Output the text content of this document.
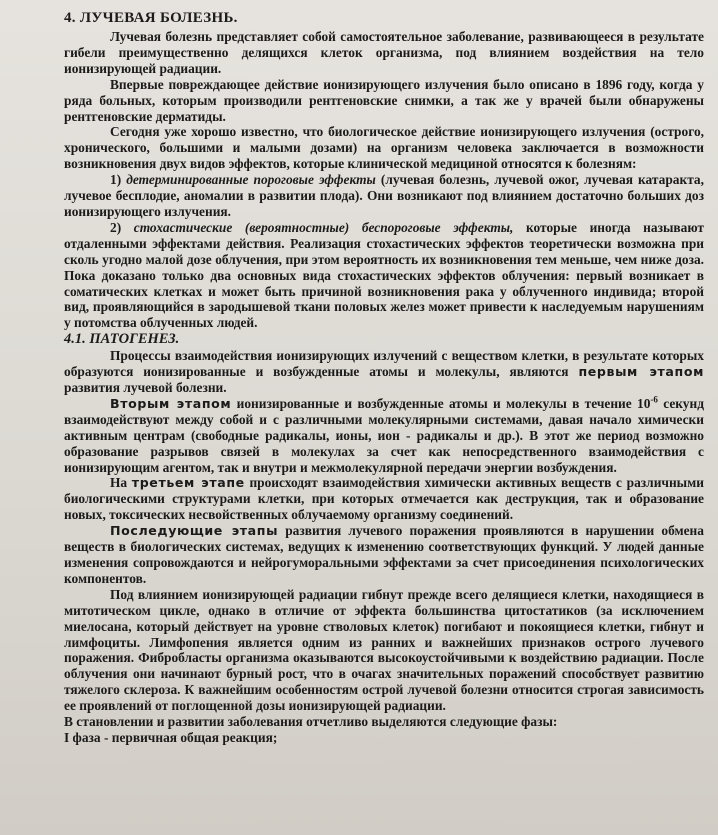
4. ЛУЧЕВАЯ БОЛЕЗНЬ.

Лучевая болезнь представляет собой самостоятельное заболевание, развивающееся в результате гибели преимущественно делящихся клеток организма, под влиянием воздействия на тело ионизирующей радиации.

Впервые повреждающее действие ионизирующего излучения было описано в 1896 году, когда у ряда больных, которым производили рентгеновские снимки, а так же у врачей были обнаружены рентгеновские дерматиды.

Сегодня уже хорошо известно, что биологическое действие ионизирующего излучения (острого, хронического, большими и малыми дозами) на организм человека заключается в возможности возникновения двух видов эффектов, которые клинической медициной относятся к болезням:

1) детерминированные пороговые эффекты (лучевая болезнь, лучевой ожог, лучевая катаракта, лучевое бесплодие, аномалии в развитии плода). Они возникают под влиянием достаточно больших доз ионизирующего излучения.

2) стохастические (вероятностные) беспороговые эффекты, которые иногда называют отдаленными эффектами действия. Реализация стохастических эффектов теоретически возможна при сколь угодно малой дозе облучения, при этом вероятность их возникновения тем меньше, чем ниже доза. Пока доказано только два основных вида стохастических эффектов облучения: первый возникает в соматических клетках и может быть причиной возникновения рака у облученного индивида; второй вид, проявляющийся в зародышевой ткани половых желез может привести к наследуемым нарушениям у потомства облученных людей.

4.1. ПАТОГЕНЕЗ.

Процессы взаимодействия ионизирующих излучений с веществом клетки, в результате которых образуются ионизированные и возбужденные атомы и молекулы, являются первым этапом развития лучевой болезни.

Вторым этапом ионизированные и возбужденные атомы и молекулы в течение $10^{-6}$ секунд взаимодействуют между собой и с различными молекулярными системами, давая начало химически активным центрам (свободные радикалы, ионы, ион - радикалы и др.). В этот же период возможно образование разрывов связей в молекулах за счет как непосредственного взаимодействия с ионизирующим агентом, так и внутри и межмолекулярной передачи энергии возбуждения.

На третьем этапе происходят взаимодействия химически активных веществ с различными биологическими структурами клетки, при которых отмечается как деструкция, так и образование новых, токсических несвойственных облучаемому организму соединений.

Последующие этапы развития лучевого поражения проявляются в нарушении обмена веществ в биологических системах, ведущих к изменению соответствующих функций. У людей данные изменения сопровождаются и нейрогуморальными эффектами за счет присоединения психологических компонентов.

Под влиянием ионизирующей радиации гибнут прежде всего делящиеся клетки, находящиеся в митотическом цикле, однако в отличие от эффекта большинства цитостатиков (за исключением миелосана, который действует на уровне стволовых клеток) погибают и покоящиеся клетки, гибнут и лимфоциты. Лимфопения является одним из ранних и важнейших признаков острого лучевого поражения. Фибробласты организма оказываются высокоустойчивыми к воздействию радиации. После облучения они начинают бурный рост, что в очагах значительных поражений способствует развитию тяжелого склероза. К важнейшим особенностям острой лучевой болезни относится строгая зависимость ее проявлений от поглощенной дозы ионизирующей радиации.

В становлении и развитии заболевания отчетливо выделяются следующие фазы:

I фаза - первичная общая реакция;
